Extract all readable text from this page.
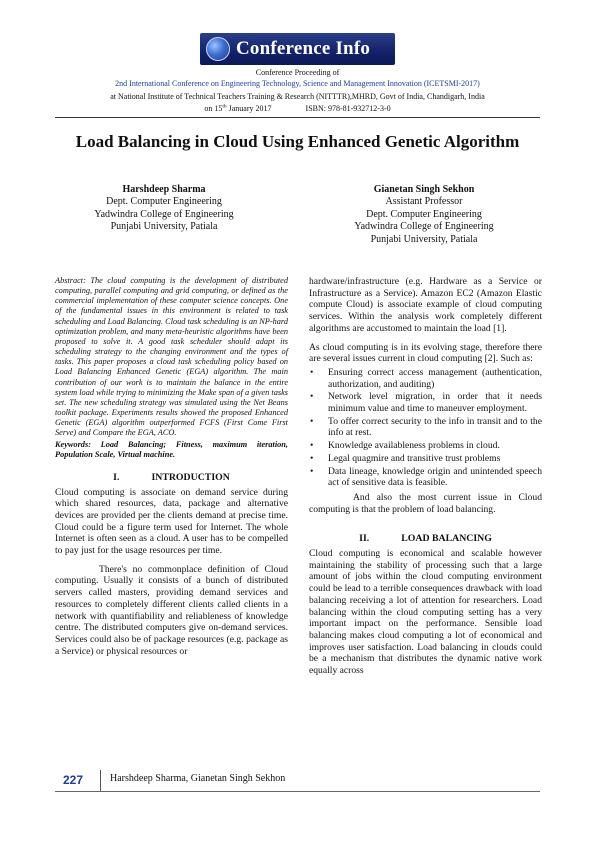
Conference Info
Conference Proceeding of
2nd International Conference on Engineering Technology, Science and Management Innovation (ICETSMI-2017)
at National Institute of Technical Teachers Training & Research (NITTTR),MHRD, Govt of India, Chandigarh, India
on 15th January 2017	ISBN: 978-81-932712-3-0
Load Balancing in Cloud Using Enhanced Genetic Algorithm
Harshdeep Sharma
Dept. Computer Engineering
Yadwindra College of Engineering
Punjabi University, Patiala
Gianetan Singh Sekhon
Assistant Professor
Dept. Computer Engineering
Yadwindra College of Engineering
Punjabi University, Patiala

Abstract: The cloud computing is the development of distributed computing, parallel computing and grid computing, or defined as the commercial implementation of these computer science concepts. One of the fundamental issues in this environment is related to task scheduling and Load Balancing. Cloud task scheduling is an NP-hard optimization problem, and many meta-heuristic algorithms have been proposed to solve it. A good task scheduler should adapt its scheduling strategy to the changing environment and the types of tasks. This paper proposes a cloud task scheduling policy based on Load Balancing Enhanced Genetic (EGA) algorithm. The main contribution of our work is to maintain the balance in the entire system load while trying to minimizing the Make span of a given tasks set. The new scheduling strategy was simulated using the Net Beans toolkit package. Experiments results showed the proposed Enhanced Genetic (EGA) algorithm outperformed FCFS (First Come First Serve) and Compare the EGA, ACO.

Keywords: Load Balancing; Fitness, maximum iteration, Population Scale, Virtual machine.

I.	INTRODUCTION

Cloud computing is associate on demand service during which shared resources, data, package and alternative devices are provided per the clients demand at precise time. Cloud could be a figure term used for Internet. The whole Internet is often seen as a cloud. A user has to be compelled to pay just for the usage resources per time.

There's no commonplace definition of Cloud computing. Usually it consists of a bunch of distributed servers called masters, providing demand services and resources to completely different clients called clients in a network with quantifiability and reliableness of knowledge centre. The distributed computers give on-demand services. Services could also be of package resources (e.g. package as a Service) or physical resources or

hardware/infrastructure (e.g. Hardware as a Service or Infrastructure as a Service). Amazon EC2 (Amazon Elastic compute Cloud) is associate example of cloud computing services. Within the analysis work completely different algorithms are accustomed to maintain the load [1].

As cloud computing is in its evolving stage, therefore there are several issues current in cloud computing [2]. Such as:

• Ensuring correct access management (authentication, authorization, and auditing)
• Network level migration, in order that it needs minimum value and time to maneuver employment.
• To offer correct security to the info in transit and to the info at rest.
• Knowledge availableness problems in cloud.
• Legal quagmire and transitive trust problems
• Data lineage, knowledge origin and unintended speech act of sensitive data is feasible.

And also the most current issue in Cloud computing is that the problem of load balancing.

II.	LOAD BALANCING

Cloud computing is economical and scalable however maintaining the stability of processing such that a large amount of jobs within the cloud computing environment could be lead to a terrible consequences drawback with load balancing receiving a lot of attention for researchers. Load balancing within the cloud computing setting has a very important impact on the performance. Sensible load balancing makes cloud computing a lot of economical and improves user satisfaction. Load balancing in clouds could be a mechanism that distributes the dynamic native work equally across

227	Harshdeep Sharma, Gianetan Singh Sekhon
